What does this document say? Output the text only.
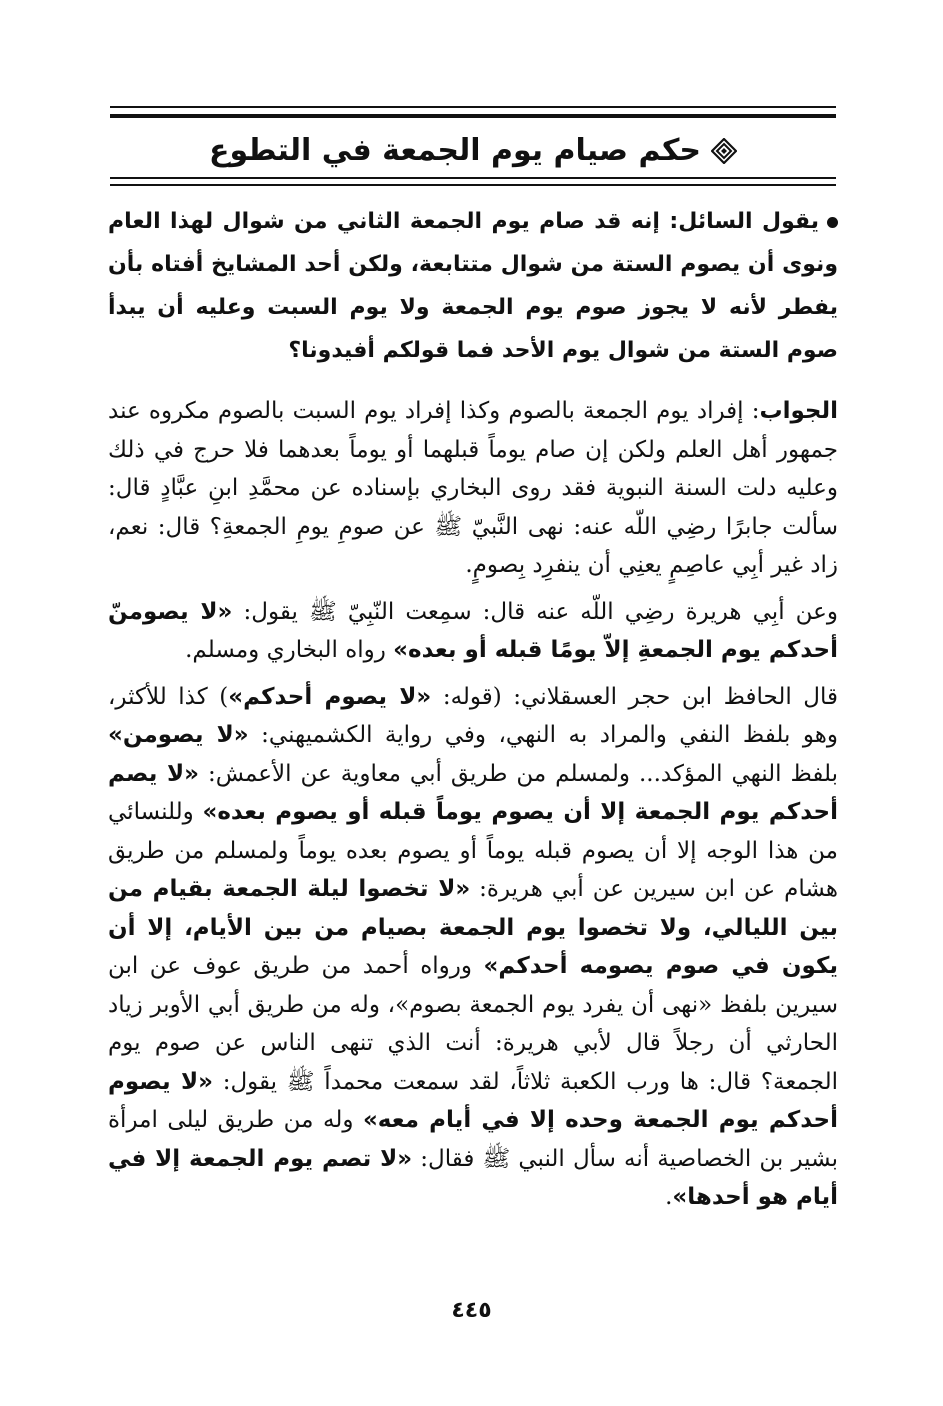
حكم صيام يوم الجمعة في التطوع

يقول السائل: إنه قد صام يوم الجمعة الثاني من شوال لهذا العام ونوى أن يصوم الستة من شوال متتابعة، ولكن أحد المشايخ أفتاه بأن يفطر لأنه لا يجوز صوم يوم الجمعة ولا يوم السبت وعليه أن يبدأ صوم الستة من شوال يوم الأحد فما قولكم أفيدونا؟

الجواب: إفراد يوم الجمعة بالصوم وكذا إفراد يوم السبت بالصوم مكروه عند جمهور أهل العلم ولكن إن صام يوماً قبلهما أو يوماً بعدهما فلا حرج في ذلك وعليه دلت السنة النبوية فقد روى البخاري بإسناده عن محمَّدِ ابنِ عبَّادٍ قال: سألت جابرًا رضِي اللّه عنه: نهى النَّبيّ ﷺ عن صومِ يومِ الجمعةِ؟ قال: نعم، زاد غير أبِي عاصِمٍ يعنِي أن ينفرِد بِصومٍ.

وعن أبِي هريرة رضِي اللّه عنه قال: سمِعت النّبِيّ ﷺ يقول: «لا يصومنّ أحدكم يوم الجمعةِ إلاّ يومًا قبله أو بعده» رواه البخاري ومسلم.

قال الحافظ ابن حجر العسقلاني: (قوله: «لا يصوم أحدكم») كذا للأكثر، وهو بلفظ النفي والمراد به النهي، وفي رواية الكشميهني: «لا يصومن» بلفظ النهي المؤكد... ولمسلم من طريق أبي معاوية عن الأعمش: «لا يصم أحدكم يوم الجمعة إلا أن يصوم يوماً قبله أو يصوم بعده» وللنسائي من هذا الوجه إلا أن يصوم قبله يوماً أو يصوم بعده يوماً ولمسلم من طريق هشام عن ابن سيرين عن أبي هريرة: «لا تخصوا ليلة الجمعة بقيام من بين الليالي، ولا تخصوا يوم الجمعة بصيام من بين الأيام، إلا أن يكون في صوم يصومه أحدكم» ورواه أحمد من طريق عوف عن ابن سيرين بلفظ «نهى أن يفرد يوم الجمعة بصوم»، وله من طريق أبي الأوبر زياد الحارثي أن رجلاً قال لأبي هريرة: أنت الذي تنهى الناس عن صوم يوم الجمعة؟ قال: ها ورب الكعبة ثلاثاً، لقد سمعت محمداً ﷺ يقول: «لا يصوم أحدكم يوم الجمعة وحده إلا في أيام معه» وله من طريق ليلى امرأة بشير بن الخصاصية أنه سأل النبي ﷺ فقال: «لا تصم يوم الجمعة إلا في أيام هو أحدها».

٤٤٥
